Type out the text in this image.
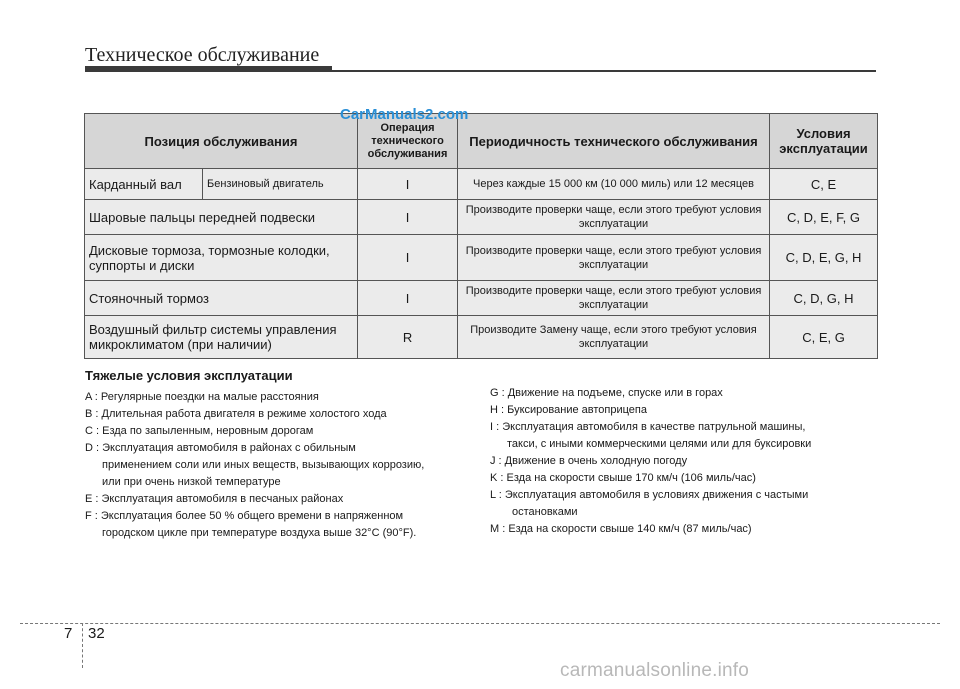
Техническое обслуживание
Позиция обслуживания		Операция технического обслуживания	Периодичность технического обслуживания	Условия эксплуатации
Карданный вал	Бензиновый двигатель	I	Через каждые 15 000 км (10 000 миль) или 12 месяцев	C, E
Шаровые пальцы передней подвески		I	Производите проверки чаще, если этого требуют условия эксплуатации	C, D, E, F, G
Дисковые тормоза, тормозные колодки, суппорты и диски		I	Производите проверки чаще, если этого требуют условия эксплуатации	C, D, E, G, H
Стояночный тормоз		I	Производите проверки чаще, если этого требуют условия эксплуатации	C, D, G, H
Воздушный фильтр системы управления микроклиматом (при наличии)		R	Производите Замену чаще, если этого требуют условия эксплуатации	C, E, G
CarManuals2.com
Тяжелые условия эксплуатации
A : Регулярные поездки на малые расстояния
B : Длительная работа двигателя в режиме холостого хода
C : Езда по запыленным, неровным дорогам
D : Эксплуатация автомобиля в районах с обильным
применением соли или иных веществ, вызывающих коррозию,
или при очень низкой температуре
E : Эксплуатация автомобиля в песчаных районах
F : Эксплуатация более 50 % общего времени в напряженном
городском цикле при температуре воздуха выше 32°C (90°F).
G : Движение на подъеме, спуске или в горах
H : Буксирование автоприцепа
I : Эксплуатация автомобиля в качестве патрульной машины,
такси, с иными коммерческими целями или для буксировки
J : Движение в очень холодную погоду
K : Езда на скорости свыше 170 км/ч (106 миль/час)
L : Эксплуатация автомобиля в условиях движения с частыми
остановками
M : Езда на скорости свыше 140 км/ч (87 миль/час)
7 32
carmanualsonline.info
